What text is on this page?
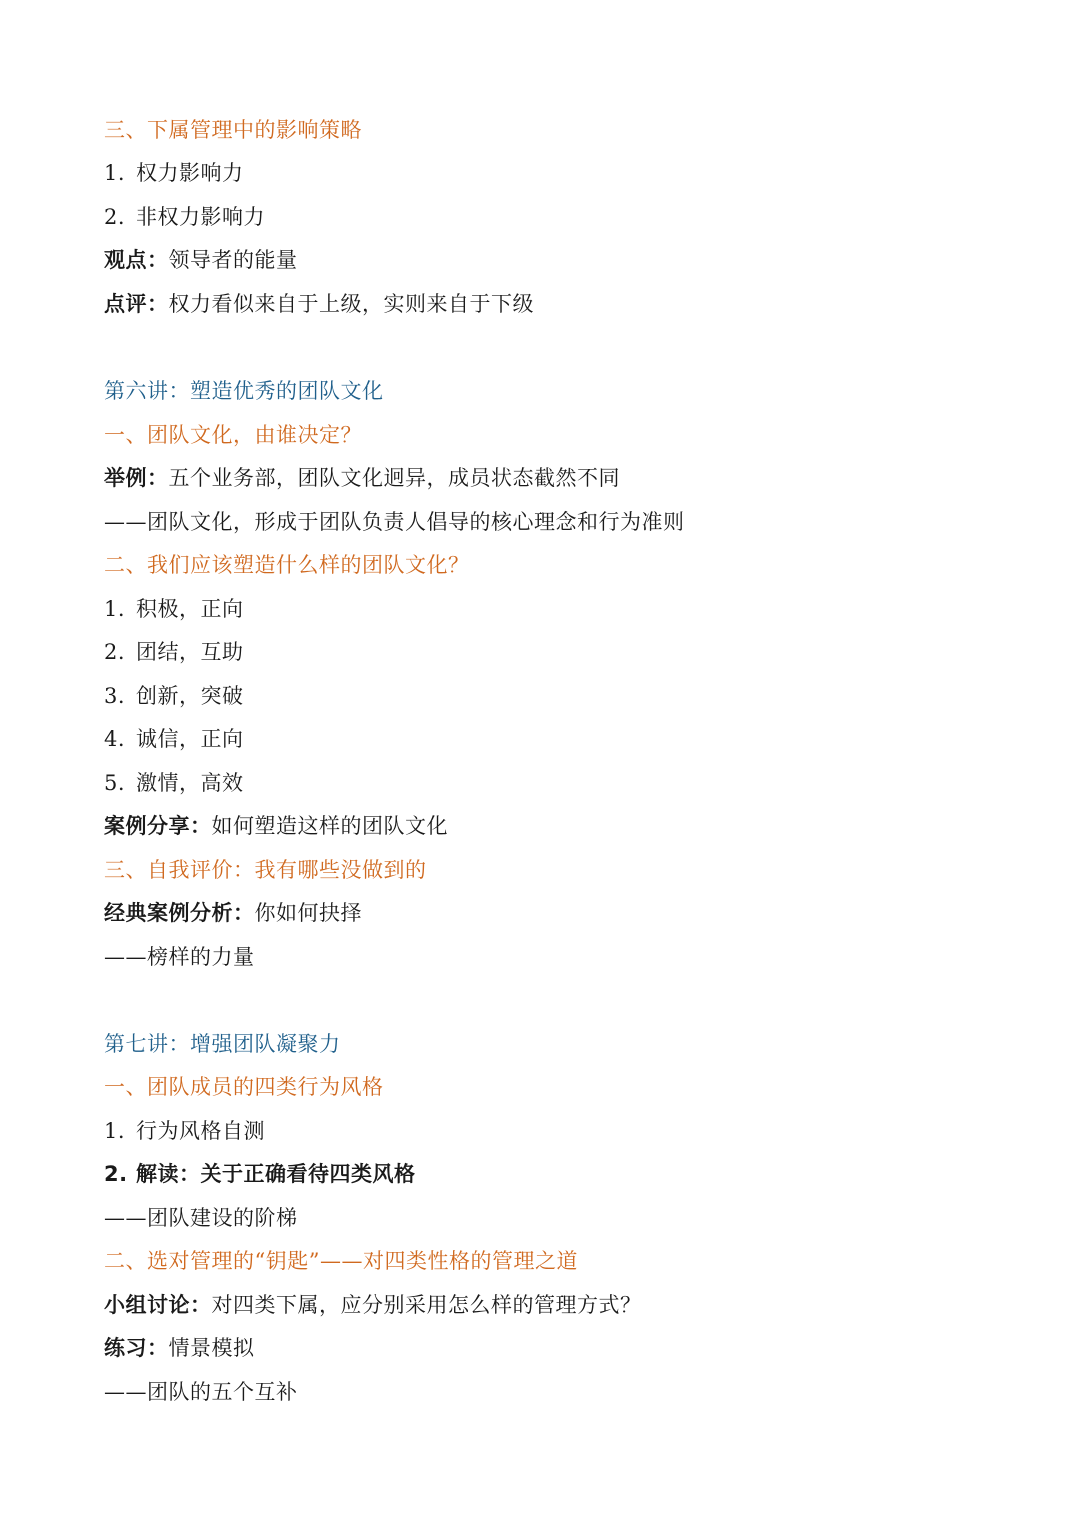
三、下属管理中的影响策略
1. 权力影响力
2. 非权力影响力
观点：领导者的能量
点评：权力看似来自于上级，实则来自于下级
第六讲：塑造优秀的团队文化
一、团队文化，由谁决定？
举例：五个业务部，团队文化迥异，成员状态截然不同
——团队文化，形成于团队负责人倡导的核心理念和行为准则
二、我们应该塑造什么样的团队文化？
1. 积极，正向
2. 团结，互助
3. 创新，突破
4. 诚信，正向
5. 激情，高效
案例分享：如何塑造这样的团队文化
三、自我评价：我有哪些没做到的
经典案例分析：你如何抉择
——榜样的力量
第七讲：增强团队凝聚力
一、团队成员的四类行为风格
1. 行为风格自测
2. 解读：关于正确看待四类风格
——团队建设的阶梯
二、选对管理的“钥匙”——对四类性格的管理之道
小组讨论：对四类下属，应分别采用怎么样的管理方式？
练习：情景模拟
——团队的五个互补
